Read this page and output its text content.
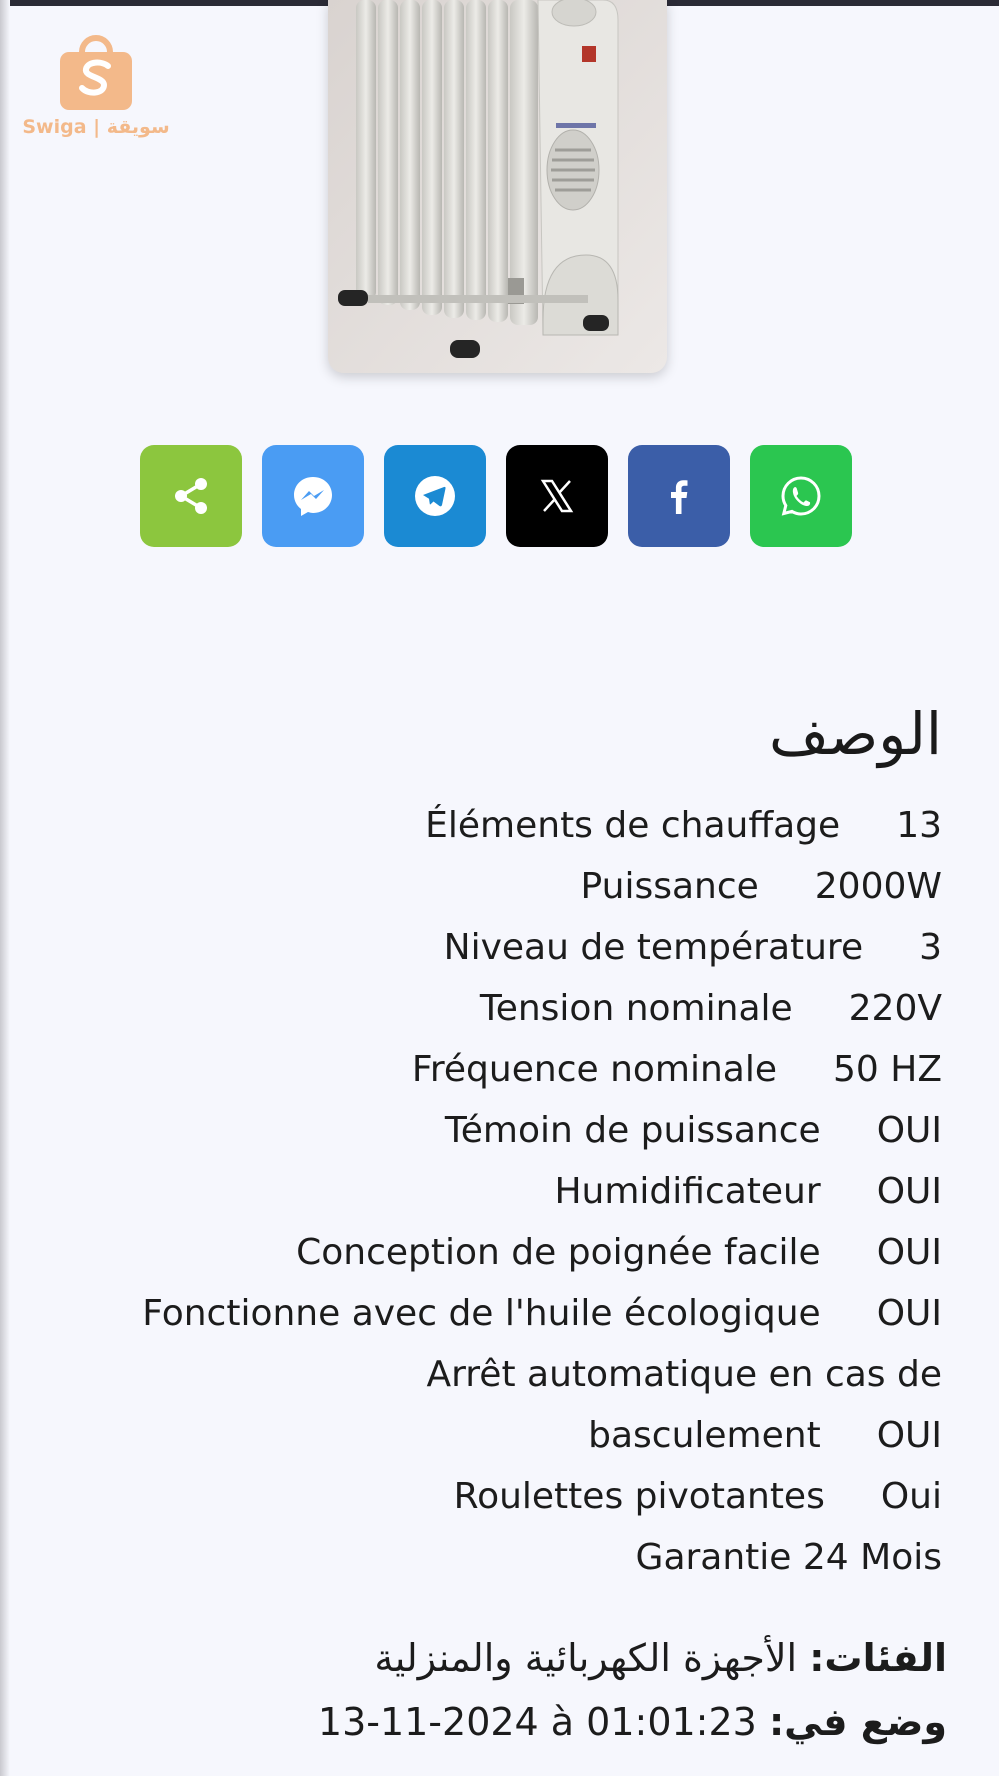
Swiga | سويقة
الوصف
Éléments de chauffage 13
Puissance 2000W
Niveau de température 3
Tension nominale 220V
Fréquence nominale 50 HZ
Témoin de puissance OUI
Humidificateur OUI
Conception de poignée facile OUI
Fonctionne avec de l'huile écologique OUI
Arrêt automatique en cas de
basculement OUI
Roulettes pivotantes Oui
Garantie 24 Mois
الفئات: الأجهزة الكهربائية والمنزلية
وضع في: 13-11-2024 à 01:01:23
